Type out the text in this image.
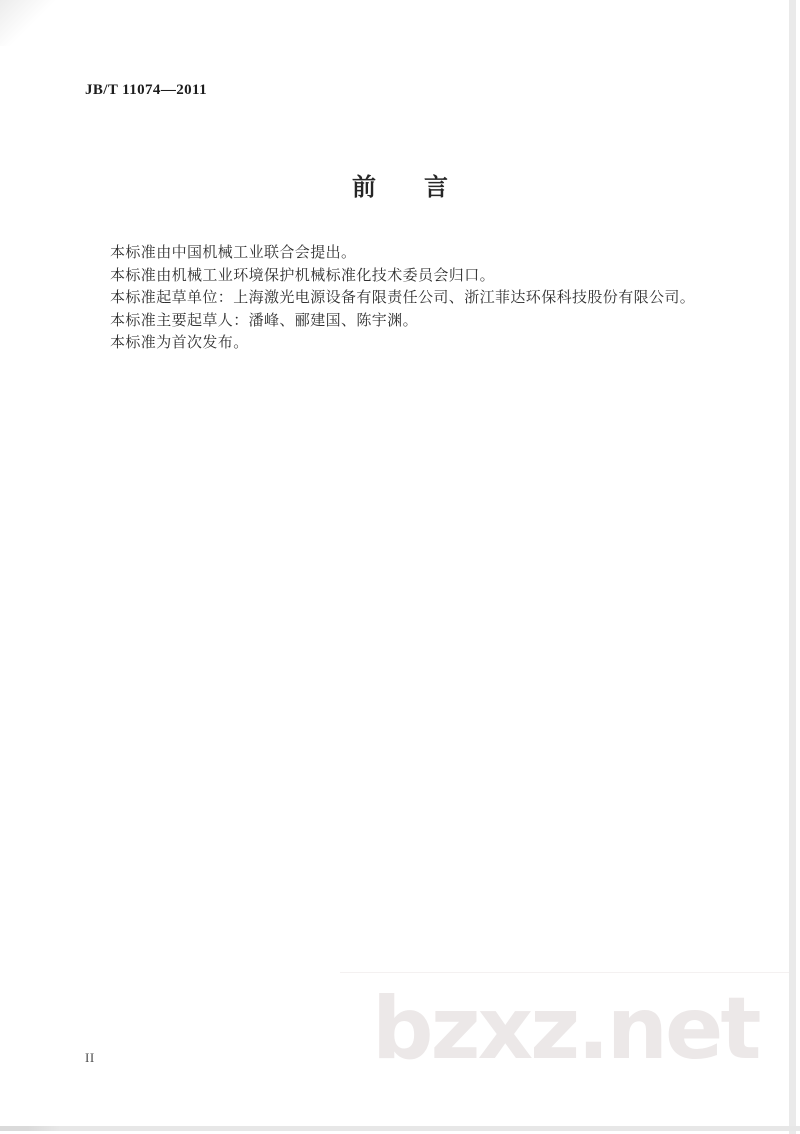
JB/T 11074—2011
前言

本标准由中国机械工业联合会提出。

本标准由机械工业环境保护机械标准化技术委员会归口。

本标准起草单位：上海激光电源设备有限责任公司、浙江菲达环保科技股份有限公司。

本标准主要起草人：潘峰、郦建国、陈宇渊。

本标准为首次发布。

bzxz.net
II
